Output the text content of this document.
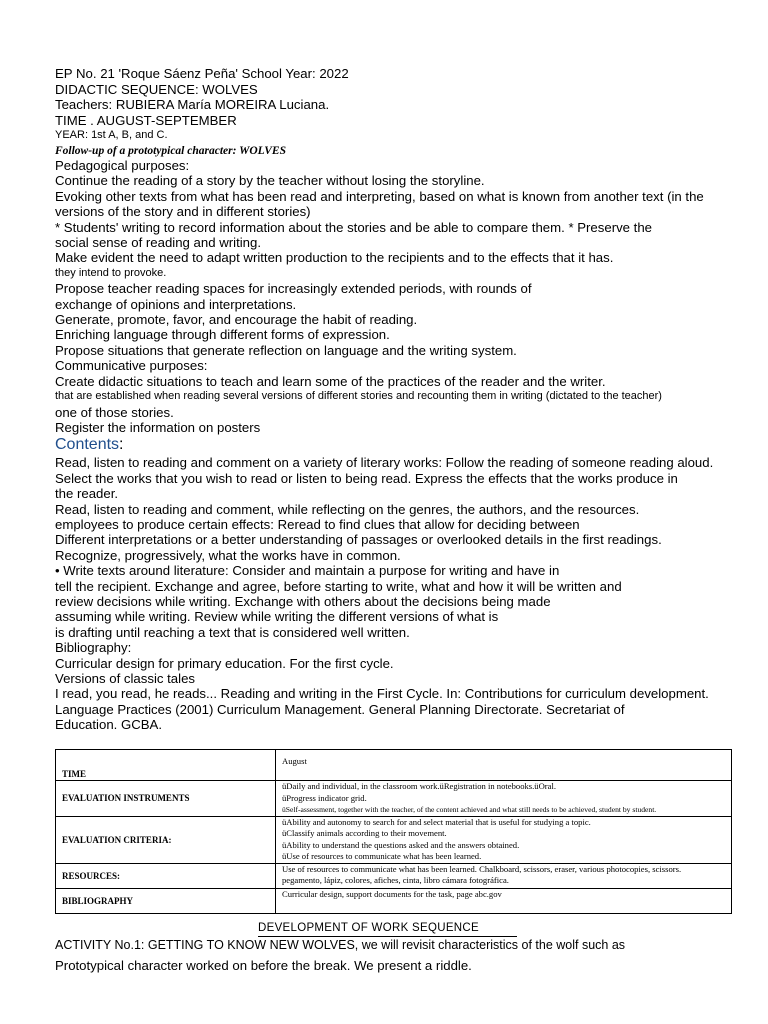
EP No. 21 'Roque Sáenz Peña' School Year: 2022
DIDACTIC SEQUENCE: WOLVES
Teachers: RUBIERA María MOREIRA Luciana.
TIME . AUGUST-SEPTEMBER
YEAR: 1st A, B, and C.
Follow-up of a prototypical character: WOLVES
Pedagogical purposes:
Continue the reading of a story by the teacher without losing the storyline.
Evoking other texts from what has been read and interpreting, based on what is known from another text (in the
versions of the story and in different stories)
* Students' writing to record information about the stories and be able to compare them. * Preserve the
social sense of reading and writing.
Make evident the need to adapt written production to the recipients and to the effects that it has.
they intend to provoke.
Propose teacher reading spaces for increasingly extended periods, with rounds of
exchange of opinions and interpretations.
Generate, promote, favor, and encourage the habit of reading.
Enriching language through different forms of expression.
Propose situations that generate reflection on language and the writing system.
Communicative purposes:
Create didactic situations to teach and learn some of the practices of the reader and the writer.
that are established when reading several versions of different stories and recounting them in writing (dictated to the teacher)
one of those stories.
Register the information on posters
Contents:
Read, listen to reading and comment on a variety of literary works: Follow the reading of someone reading aloud.
Select the works that you wish to read or listen to being read. Express the effects that the works produce in
the reader.
Read, listen to reading and comment, while reflecting on the genres, the authors, and the resources.
employees to produce certain effects: Reread to find clues that allow for deciding between
Different interpretations or a better understanding of passages or overlooked details in the first readings.
Recognize, progressively, what the works have in common.
• Write texts around literature: Consider and maintain a purpose for writing and have in
tell the recipient. Exchange and agree, before starting to write, what and how it will be written and
review decisions while writing. Exchange with others about the decisions being made
assuming while writing. Review while writing the different versions of what is
is drafting until reaching a text that is considered well written.
Bibliography:
Curricular design for primary education. For the first cycle.
Versions of classic tales
I read, you read, he reads... Reading and writing in the First Cycle. In: Contributions for curriculum development.
Language Practices (2001) Curriculum Management. General Planning Directorate. Secretariat of
Education. GCBA.
TIME	August
EVALUATION INSTRUMENTS	üDaily and individual, in the classroom work.üRegistration in notebooks.üOral.
üProgress indicator grid.
üSelf-assessment, together with the teacher, of the content achieved and what still needs to be achieved, student by student.

EVALUATION CRITERIA:	üAbility and autonomy to search for and select material that is useful for studying a topic.
üClassify animals according to their movement.
üAbility to understand the questions asked and the answers obtained.
üUse of resources to communicate what has been learned.

RESOURCES:	Use of resources to communicate what has been learned. Chalkboard, scissors, eraser, various photocopies, scissors.
pegamento, lápiz, colores, afiches, cinta, libro cámara fotográfica.

BIBLIOGRAPHY	Curricular design, support documents for the task, page abc.gov
DEVELOPMENT OF WORK SEQUENCE
ACTIVITY No.1: GETTING TO KNOW NEW WOLVES, we will revisit characteristics of the wolf such as
Prototypical character worked on before the break. We present a riddle.
